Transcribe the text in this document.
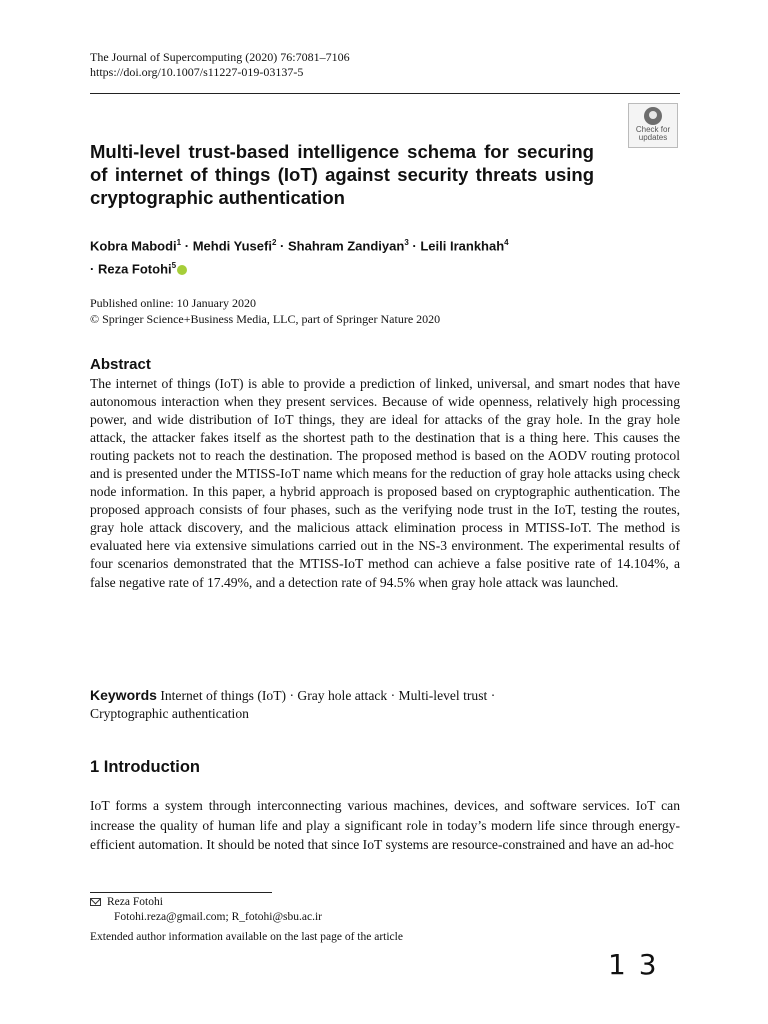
The Journal of Supercomputing (2020) 76:7081–7106
https://doi.org/10.1007/s11227-019-03137-5
Check for
updates
Multi-level trust-based intelligence schema for securing of internet of things (IoT) against security threats using cryptographic authentication
Kobra Mabodi$^1$ · Mehdi Yusefi$^2$ · Shahram Zandiyan$^3$ · Leili Irankhah$^4$
· Reza Fotohi$^5$
Published online: 10 January 2020
© Springer Science+Business Media, LLC, part of Springer Nature 2020
Abstract
The internet of things (IoT) is able to provide a prediction of linked, universal, and smart nodes that have autonomous interaction when they present services. Because of wide openness, relatively high processing power, and wide distribution of IoT things, they are ideal for attacks of the gray hole. In the gray hole attack, the attacker fakes itself as the shortest path to the destination that is a thing here. This causes the routing packets not to reach the destination. The proposed method is based on the AODV routing protocol and is presented under the MTISS-IoT name which means for the reduction of gray hole attacks using check node information. In this paper, a hybrid approach is proposed based on cryptographic authentication. The proposed approach consists of four phases, such as the verifying node trust in the IoT, testing the routes, gray hole attack discovery, and the malicious attack elimination process in MTISS-IoT. The method is evaluated here via extensive simulations carried out in the NS-3 environment. The experimental results of four scenarios demonstrated that the MTISS-IoT method can achieve a false positive rate of 14.104%, a false negative rate of 17.49%, and a detection rate of 94.5% when gray hole attack was launched.
Keywords Internet of things (IoT) · Gray hole attack · Multi-level trust ·
Cryptographic authentication
1 Introduction
IoT forms a system through interconnecting various machines, devices, and software services. IoT can increase the quality of human life and play a significant role in today’s modern life since through energy-efficient automation. It should be noted that since IoT systems are resource-constrained and have an ad-hoc
Reza Fotohi
Fotohi.reza@gmail.com; R_fotohi@sbu.ac.ir
Extended author information available on the last page of the article
1 3
